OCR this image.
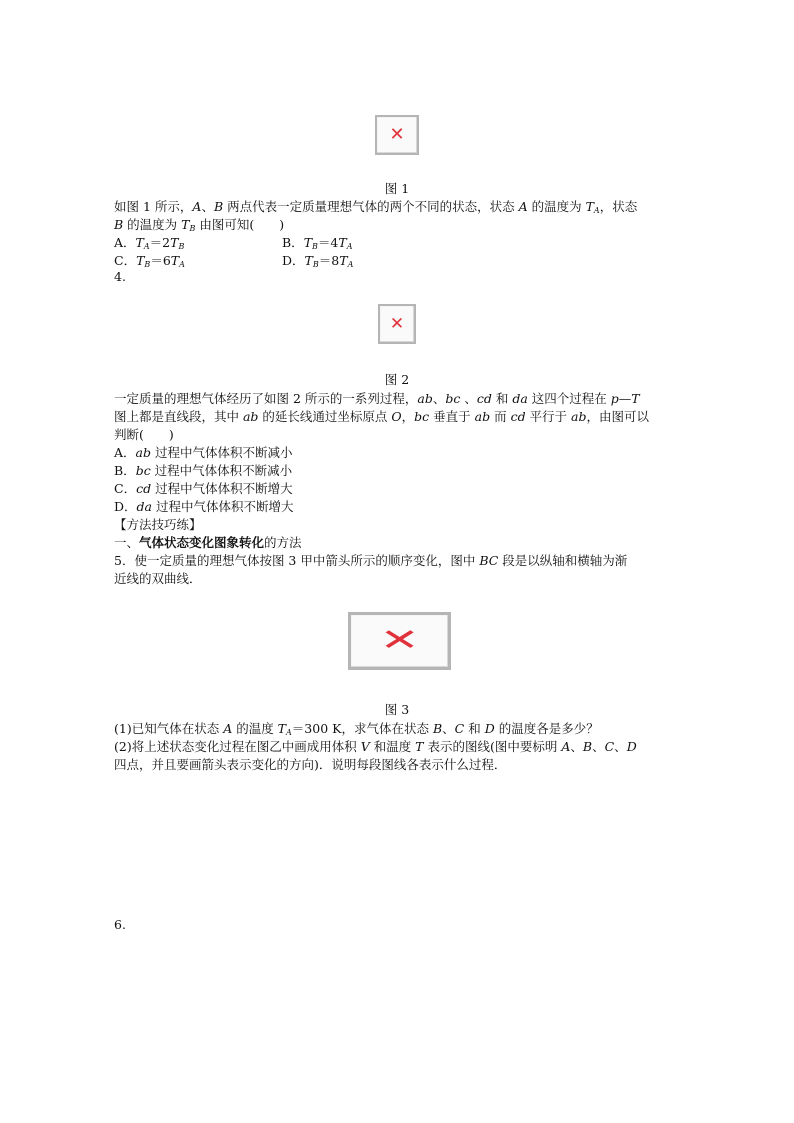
✕
图 1
如图 1 所示，A、B 两点代表一定质量理想气体的两个不同的状态，状态 A 的温度为 $T_A$，状态
B 的温度为 $T_B$ 由图可知(　　)
A．$T_A=2T_B$	B．$T_B=4T_A$
C．$T_B=6T_A$	D．$T_B=8T_A$
4.
✕
图 2
一定质量的理想气体经历了如图 2 所示的一系列过程，ab、bc 、cd 和 da 这四个过程在 p—T
图上都是直线段，其中 ab 的延长线通过坐标原点 O，bc 垂直于 ab 而 cd 平行于 ab，由图可以
判断(　　)
A．ab 过程中气体体积不断减小
B．bc 过程中气体体积不断减小
C．cd 过程中气体体积不断增大
D．da 过程中气体体积不断增大
【方法技巧练】
一、气体状态变化图象转化的方法
5．使一定质量的理想气体按图 3 甲中箭头所示的顺序变化，图中 BC 段是以纵轴和横轴为渐
近线的双曲线．
✕
图 3
(1)已知气体在状态 A 的温度 $T_A=300$ K，求气体在状态 B、C 和 D 的温度各是多少？
(2)将上述状态变化过程在图乙中画成用体积 V 和温度 T 表示的图线(图中要标明 A、B、C、D
四点，并且要画箭头表示变化的方向)．说明每段图线各表示什么过程．
6.
